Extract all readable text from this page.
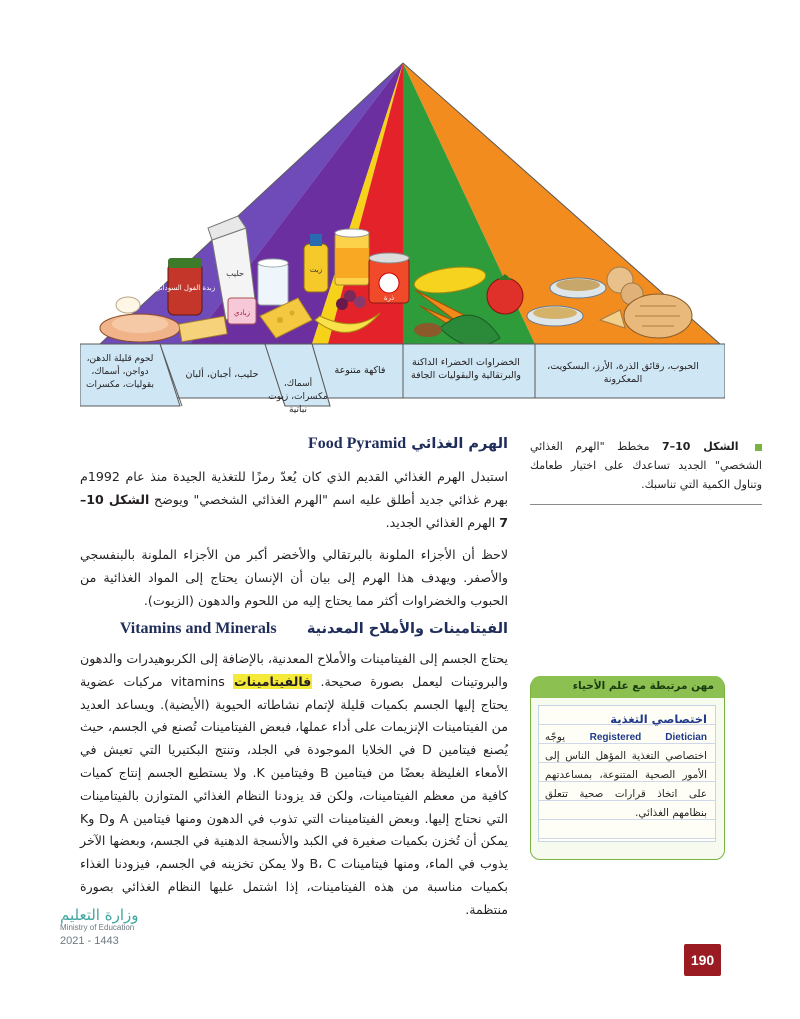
زبدة الفول السوداني
حليب
زبادي
زيت
ذرة
لحوم قليلة الدهن، دواجن، أسماك، بقوليات، مكسرات
حليب، أجبان، ألبان
أسماك، مكسرات، زيوت نباتية
فاكهة متنوعة
الخضراوات الخضراء الداكنة والبرتقالية والبقوليات الجافة
الحبوب، رقائق الذرة، الأرز، البسكويت، المعكرونة
الشكل 10–7 مخطط "الهرم الغذائي الشخصي" الجديد تساعدك على اختيار طعامك وتناول الكمية التي تناسبك.
الهرم الغذائي Food Pyramid
استبدل الهرم الغذائي القديم الذي كان يُعدّ رمزًا للتغذية الجيدة منذ عام 1992م بهرم غذائي جديد أطلق عليه اسم "الهرم الغذائي الشخصي" ويوضح الشكل 10–7 الهرم الغذائي الجديد.
لاحظ أن الأجزاء الملونة بالبرتقالي والأخضر أكبر من الأجزاء الملونة بالبنفسجي والأصفر. ويهدف هذا الهرم إلى بيان أن الإنسان يحتاج إلى المواد الغذائية من الحبوب والخضراوات أكثر مما يحتاج إليه من اللحوم والدهون (الزيوت).
الفيتامينات والأملاح المعدنية      Vitamins and Minerals
يحتاج الجسم إلى الفيتامينات والأملاح المعدنية، بالإضافة إلى الكربوهيدرات والدهون والبروتينات ليعمل بصورة صحيحة. فالفيتامينات vitamins مركبات عضوية يحتاج إليها الجسم بكميات قليلة لإتمام نشاطاته الحيوية (الأيضية). ويساعد العديد من الفيتامينات الإنزيمات على أداء عملها، فبعض الفيتامينات تُصنع في الجسم، حيث يُصنع فيتامين D في الخلايا الموجودة في الجلد، وتنتج البكتيريا التي تعيش في الأمعاء الغليظة بعضًا من فيتامين B وفيتامين K. ولا يستطيع الجسم إنتاج كميات كافية من معظم الفيتامينات، ولكن قد يزودنا النظام الغذائي المتوازن بالفيتامينات التي نحتاج إليها. وبعض الفيتامينات التي تذوب في الدهون ومنها فيتامين A وD وK يمكن أن تُخزن بكميات صغيرة في الكبد والأنسجة الدهنية في الجسم، وبعضها الآخر يذوب في الماء، ومنها فيتامينات B، C ولا يمكن تخزينه في الجسم، فيزودنا الغذاء بكميات مناسبة من هذه الفيتامينات، إذا اشتمل عليها النظام الغذائي بصورة منتظمة.
مهن مرتبطة مع علم الأحياء
اختصاصي التغذية
Registered Dietician يوجّه اختصاصي التغذية المؤهل الناس إلى الأمور الصحية المتنوعة، بمساعدتهم على اتخاذ قرارات صحية تتعلق بنظامهم الغذائي.
وزارة التعليم
Ministry of Education
2021 - 1443
190
